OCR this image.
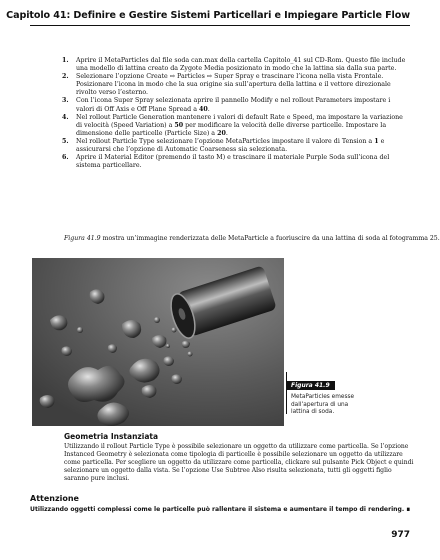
Capitolo 41: Definire e Gestire Sistemi Particellari e Impiegare Particle Flow
1. Aprire il MetaParticles dal file soda can.max della cartella Capitolo_41 sul CD-Rom. Questo file include una modello di lattina creato da Zygote Media posizionato in modo che la lattina sia dalla sua parte.
2. Selezionare l’opzione Create ⇨ Particles ⇨ Super Spray e trascinare l’icona nella vista Frontale. Posizionare l’icona in modo che la sua origine sia sull’apertura della lattina e il vettore direzionale rivolto verso l’esterno.
3. Con l’icona Super Spray selezionata aprire il pannello Modify e nel rollout Parameters impostare i valori di Off Axis e Off Plane Spread a 40.
4. Nel rollout Particle Generation mantenere i valori di default Rate e Speed, ma impostare la variazione di velocità (Speed Variation) a 50 per modificare la velocità delle diverse particelle. Impostare la dimensione delle particelle (Particle Size) a 20.
5. Nel rollout Particle Type selezionare l’opzione MetaParticles impostare il valore di Tension a 1 e assicurarsi che l’opzione di Automatic Coarseness sia selezionata.
6. Aprire il Material Editor (premendo il tasto M) e trascinare il materiale Purple Soda sull’icona del sistema particellare.
Figura 41.9 mostra un’immagine renderizzata delle MetaParticle a fuoriuscire da una lattina di soda al fotogramma 25.
Figura 41.9
MetaParticles emesse dall’apertura di una lattina di soda.
Geometria Instanziata
Utilizzando il rollout Particle Type è possibile selezionare un oggetto da utilizzare come particella. Se l’opzione Instanced Geometry è selezionata come tipologia di particelle è possibile selezionare un oggetto da utilizzare come particella. Per scegliere un oggetto da utilizzare come particella, clickare sul pulsante Pick Object e quindi selezionare un oggetto dalla vista. Se l’opzione Use Subtree Also risulta selezionata, tutti gli oggetti figlio saranno pure inclusi.
Attenzione
Utilizzando oggetti complessi come le particelle può rallentare il sistema e aumentare il tempo di rendering. ∎
977
